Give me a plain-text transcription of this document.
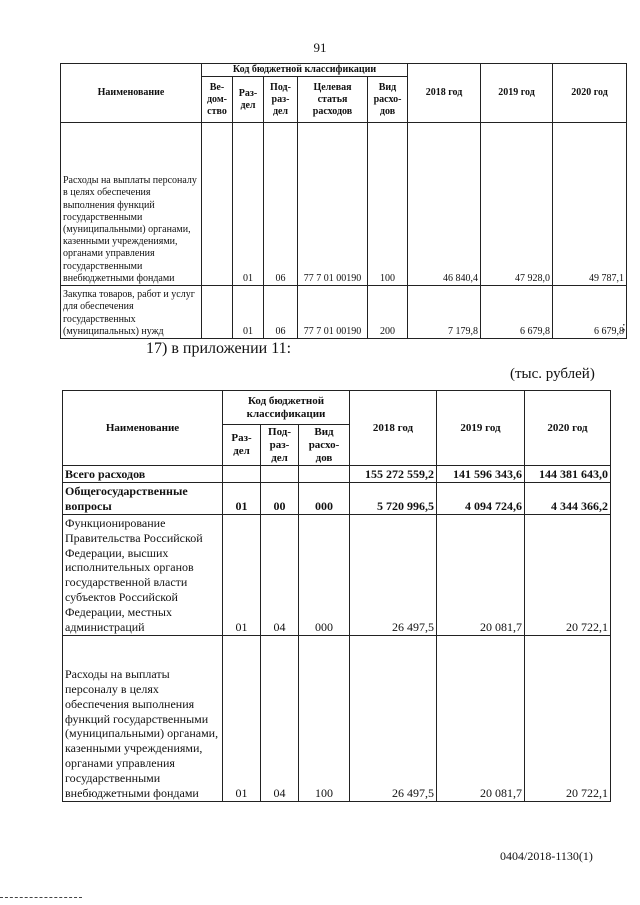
91
Наименование	Код бюджетной классификации					2018 год	2019 год	2020 год
	Ве-дом-ство	Раз-дел	Под-раз-дел	Целевая статья расходов	Вид расхо-дов			
Расходы на выплаты персоналу в целях обеспечения выполнения функций государственными (муниципальными) органами, казенными учреждениями, органами управления государственными внебюджетными фондами		01	06	77 7 01 00190	100	46 840,4	47 928,0	49 787,1
Закупка товаров, работ и услуг для обеспечения государственных (муниципальных) нужд		01	06	77 7 01 00190	200	7 179,8	6 679,8	6 679,8
;
17) в приложении 11:
(тыс. рублей)
Наименование	Код бюджетной классификации			2018 год	2019 год	2020 год
	Раз-дел	Под-раз-дел	Вид расхо-дов			
Всего расходов				155 272 559,2	141 596 343,6	144 381 643,0
Общегосударственные вопросы	01	00	000	5 720 996,5	4 094 724,6	4 344 366,2
Функционирование Правительства Российской Федерации, высших исполнительных органов государственной власти субъектов Российской Федерации, местных администраций	01	04	000	26 497,5	20 081,7	20 722,1
Расходы на выплаты персоналу в целях обеспечения выполнения функций государственными (муниципальными) органами, казенными учреждениями, органами управления государственными внебюджетными фондами	01	04	100	26 497,5	20 081,7	20 722,1
0404/2018-1130(1)
